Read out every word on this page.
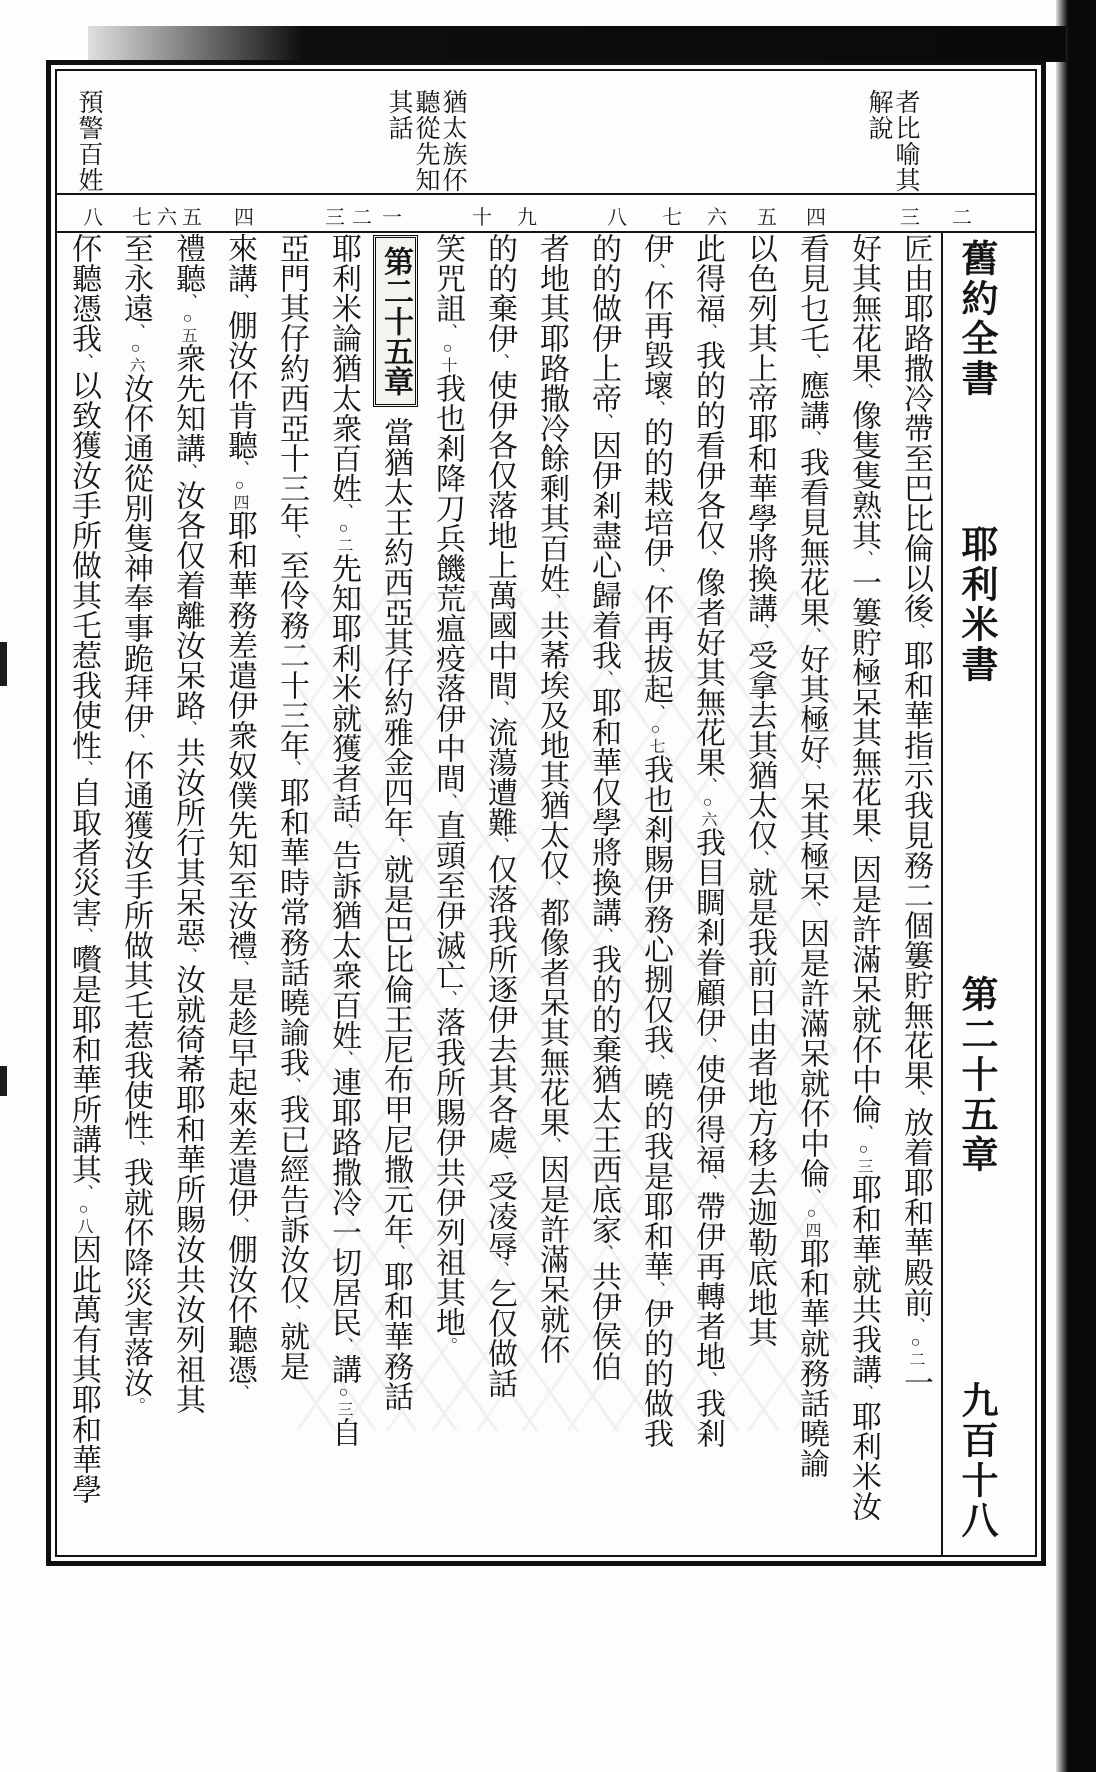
預警百姓	猶太族伓
聽從先知
其話	者比喻其
解說
二
三
四
五
六
七
八
九
十
一
二
三
四
五
六
七
八
舊約全書
耶利米書
第二十五章
九百十八
匠由耶路撒冷帶至巴比倫以後、耶和華指示我見務二個簍貯無花果、放着耶和華殿前、○二一
好其無花果、像隻隻熟其、一簍貯極呆其無花果、因是許滿呆就伓中倫、○三耶和華就共我講、耶利米汝
看見乜乇、應講、我看見無花果、好其極好、呆其極呆、因是許滿呆就伓中倫、○四耶和華就務話曉諭
以色列其上帝耶和華學將換講、受拿去其猶太仅、就是我前日由者地方移去迦勒底地其
此得福、我的的看伊各仅、像者好其無花果、○六我目睭剎眷顧伊、使伊得福、帶伊再轉者地、我剎
伊、伓再毀壞、的的栽培伊、伓再拔起、○七我也剎賜伊務心捌仅我、曉的我是耶和華、伊的的做我
的的做伊上帝、因伊剎盡心歸着我、耶和華仅學將換講、我的的棄猶太王西底家、共伊侯伯
者地其耶路撒冷餘剩其百姓、共莃埃及地其猶太仅、都像者呆其無花果、因是許滿呆就伓
的的棄伊、使伊各仅落地上萬國中間、流蕩遭難、仅落我所逐伊去其各處、受凌辱、乞仅做話
笑咒詛、○十我也剎降刀兵饑荒瘟疫落伊中間、直頭至伊滅亡、落我所賜伊共伊列祖其地。
第二十五章當猶太王約西亞其仔約雅金四年、就是巴比倫王尼布甲尼撒元年、耶和華務話
耶利米論猶太衆百姓、○二先知耶利米就獲者話、告訴猶太衆百姓、連耶路撒冷一切居民、講○三自
亞門其仔約西亞十三年、至伶務二十三年、耶和華時常務話曉諭我、我已經告訴汝仅、就是
來講、倗汝伓肯聽、○四耶和華務差遣伊衆奴僕先知至汝禮、是趁早起來差遣伊、倗汝伓聽憑、
禮聽、○五衆先知講、汝各仅着離汝呆路、共汝所行其呆惡、汝就徛莃耶和華所賜汝共汝列祖其
至永遠、○六汝伓通從別隻神奉事跪拜伊、伓通獲汝手所做其乇惹我使性、我就伓降災害落汝。
伓聽憑我、以致獲汝手所做其乇惹我使性、自取者災害、嚽是耶和華所講其、○八因此萬有其耶和華學
